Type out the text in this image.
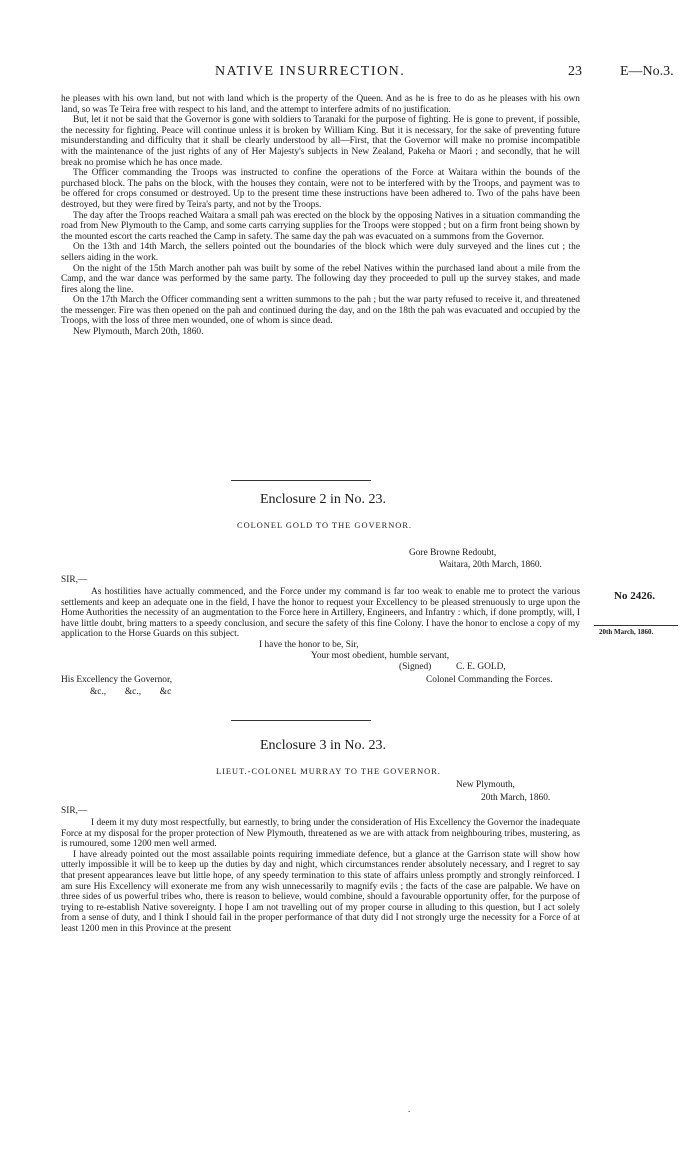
NATIVE INSURRECTION.	23	E—No.3.

he pleases with his own land, but not with land which is the property of the Queen. And as he is free to do as he pleases with his own land, so was Te Teira free with respect to his land, and the attempt to interfere admits of no justification.

But, let it not be said that the Governor is gone with soldiers to Taranaki for the purpose of fighting. He is gone to prevent, if possible, the necessity for fighting. Peace will continue unless it is broken by William King. But it is necessary, for the sake of preventing future misunderstanding and difficulty that it shall be clearly understood by all—First, that the Governor will make no promise incompatible with the maintenance of the just rights of any of Her Majesty's subjects in New Zealand, Pakeha or Maori ; and secondly, that he will break no promise which he has once made.

The Officer commanding the Troops was instructed to confine the operations of the Force at Waitara within the bounds of the purchased block. The pahs on the block, with the houses they contain, were not to be interfered with by the Troops, and payment was to be offered for crops consumed or destroyed. Up to the present time these instructions have been adhered to. Two of the pahs have been destroyed, but they were fired by Teira's party, and not by the Troops.

The day after the Troops reached Waitara a small pah was erected on the block by the opposing Natives in a situation commanding the road from New Plymouth to the Camp, and some carts carrying supplies for the Troops were stopped ; but on a firm front being shown by the mounted escort the carts reached the Camp in safety. The same day the pah was evacuated on a summons from the Governor.

On the 13th and 14th March, the sellers pointed out the boundaries of the block which were duly surveyed and the lines cut ; the sellers aiding in the work.

On the night of the 15th March another pah was built by some of the rebel Natives within the purchased land about a mile from the Camp, and the war dance was performed by the same party. The following day they proceeded to pull up the survey stakes, and made fires along the line.

On the 17th March the Officer commanding sent a written summons to the pah ; but the war party refused to receive it, and threatened the messenger. Fire was then opened on the pah and continued during the day, and on the 18th the pah was evacuated and occupied by the Troops, with the loss of three men wounded, one of whom is since dead.

New Plymouth, March 20th, 1860.

Enclosure 2 in No. 23.
COLONEL GOLD TO THE GOVERNOR.
Gore Browne Redoubt,
Waitara, 20th March, 1860.
SIR,—

As hostilities have actually commenced, and the Force under my command is far too weak to enable me to protect the various settlements and keep an adequate one in the field, I have the honor to request your Excellency to be pleased strenuously to urge upon the Home Authorities the necessity of an augmentation to the Force here in Artillery, Engineers, and Infantry : which, if done promptly, will, I have little doubt, bring matters to a speedy conclusion, and secure the safety of this fine Colony. I have the honor to enclose a copy of my application to the Horse Guards on this subject.

I have the honor to be, Sir,
Your most obedient, humble servant,
(Signed)	C. E. GOLD,
His Excellency the Governor,	Colonel Commanding the Forces.
&c.,        &c.,        &c
No 2426.
20th March, 1860.
Enclosure 3 in No. 23.
LIEUT.-COLONEL MURRAY TO THE GOVERNOR.
New Plymouth,
20th March, 1860.
SIR,—

I deem it my duty most respectfully, but earnestly, to bring under the consideration of His Excellency the Governor the inadequate Force at my disposal for the proper protection of New Plymouth, threatened as we are with attack from neighbouring tribes, mustering, as is rumoured, some 1200 men well armed.

I have already pointed out the most assailable points requiring immediate defence, but a glance at the Garrison state will show how utterly impossible it will be to keep up the duties by day and night, which circumstances render absolutely necessary, and I regret to say that present appearances leave but little hope, of any speedy termination to this state of affairs unless promptly and strongly reinforced. I am sure His Excellency will exonerate me from any wish unnecessarily to magnify evils ; the facts of the case are palpable. We have on three sides of us powerful tribes who, there is reason to believe, would combine, should a favourable opportunity offer, for the purpose of trying to re-establish Native sovereignty. I hope I am not travelling out of my proper course in alluding to this question, but I act solely from a sense of duty, and I think I should fail in the proper performance of that duty did I not strongly urge the necessity for a Force of at least 1200 men in this Province at the present

.
